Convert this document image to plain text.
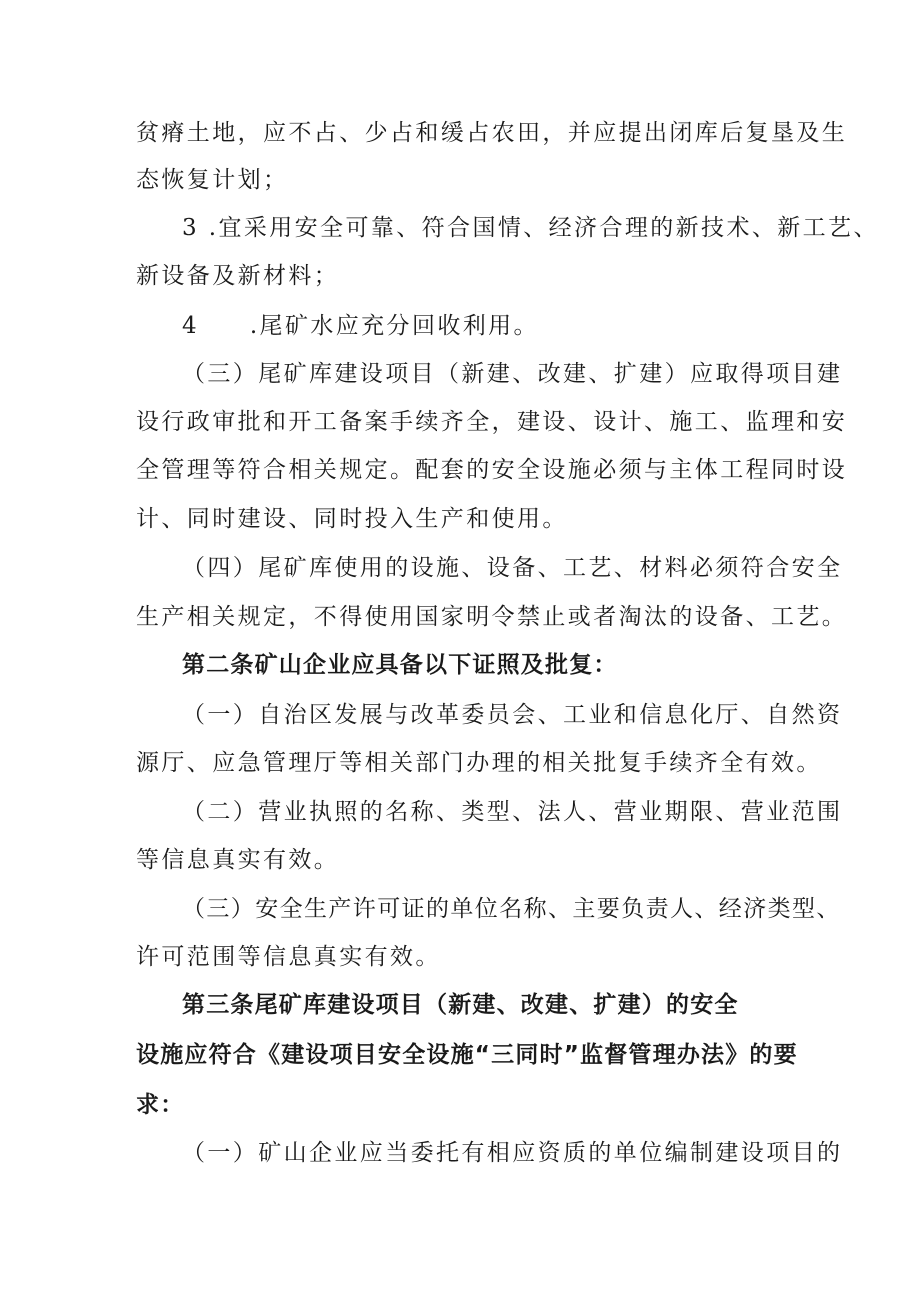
贫瘠土地，应不占、少占和缓占农田，并应提出闭库后复垦及生
态恢复计划；
3 .宜采用安全可靠、符合国情、经济合理的新技术、新工艺、
新设备及新材料；
4　　.尾矿水应充分回收利用。
（三）尾矿库建设项目（新建、改建、扩建）应取得项目建
设行政审批和开工备案手续齐全，建设、设计、施工、监理和安
全管理等符合相关规定。配套的安全设施必须与主体工程同时设
计、同时建设、同时投入生产和使用。
（四）尾矿库使用的设施、设备、工艺、材料必须符合安全
生产相关规定，不得使用国家明令禁止或者淘汰的设备、工艺。
第二条矿山企业应具备以下证照及批复：
（一）自治区发展与改革委员会、工业和信息化厅、自然资
源厅、应急管理厅等相关部门办理的相关批复手续齐全有效。
（二）营业执照的名称、类型、法人、营业期限、营业范围
等信息真实有效。
（三）安全生产许可证的单位名称、主要负责人、经济类型、
许可范围等信息真实有效。
第三条尾矿库建设项目（新建、改建、扩建）的安全
设施应符合《建设项目安全设施“三同时”监督管理办法》的要
求：
（一）矿山企业应当委托有相应资质的单位编制建设项目的
